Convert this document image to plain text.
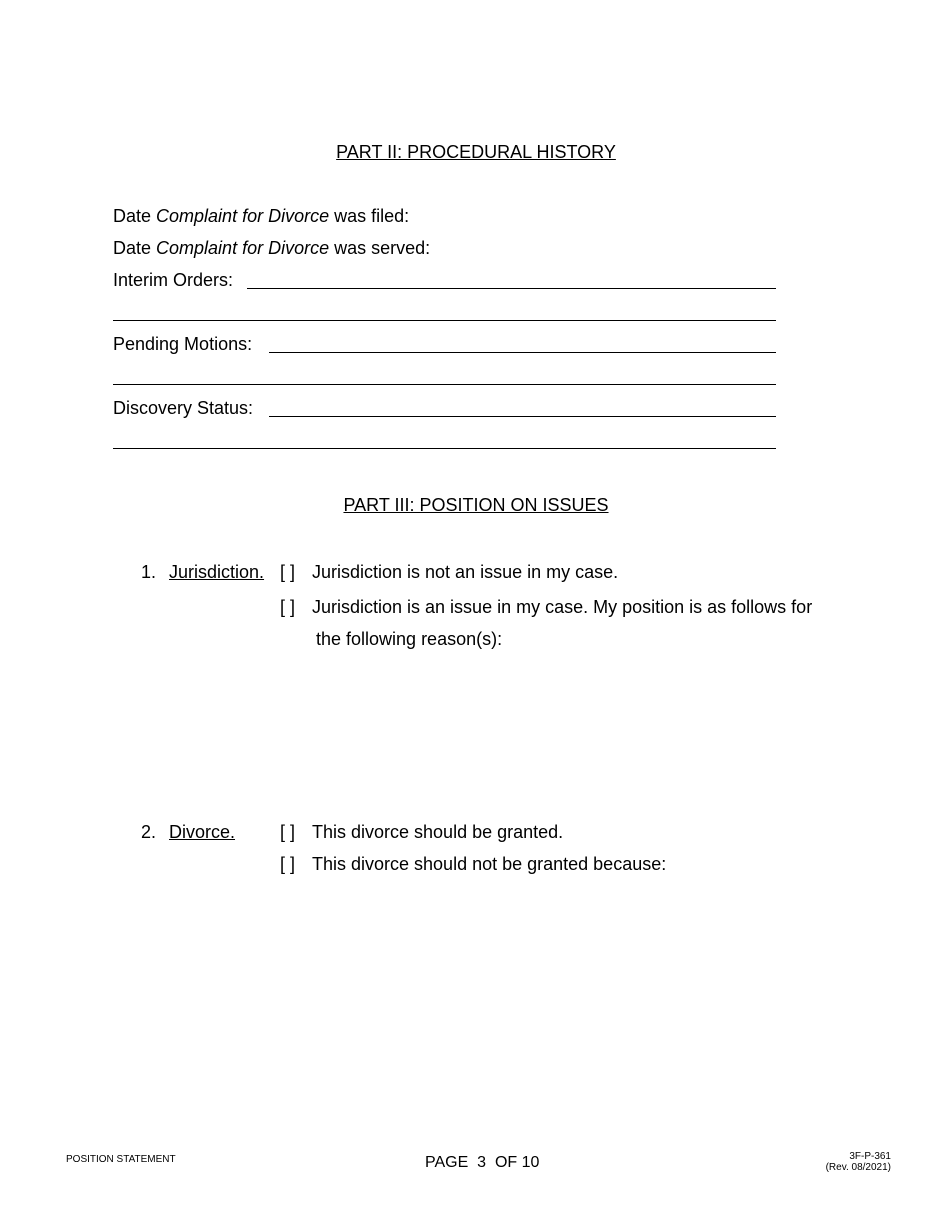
PART II: PROCEDURAL HISTORY
Date Complaint for Divorce was filed:
Date Complaint for Divorce was served:
Interim Orders:
Pending Motions:
Discovery Status:
PART III: POSITION ON ISSUES
1. Jurisdiction. [ ] Jurisdiction is not an issue in my case.
[ ] Jurisdiction is an issue in my case. My position is as follows for
the following reason(s):
2. Divorce. [ ] This divorce should be granted.
[ ] This divorce should not be granted because:
POSITION STATEMENT	PAGE  3  OF 10	3F-P-361
(Rev. 08/2021)
